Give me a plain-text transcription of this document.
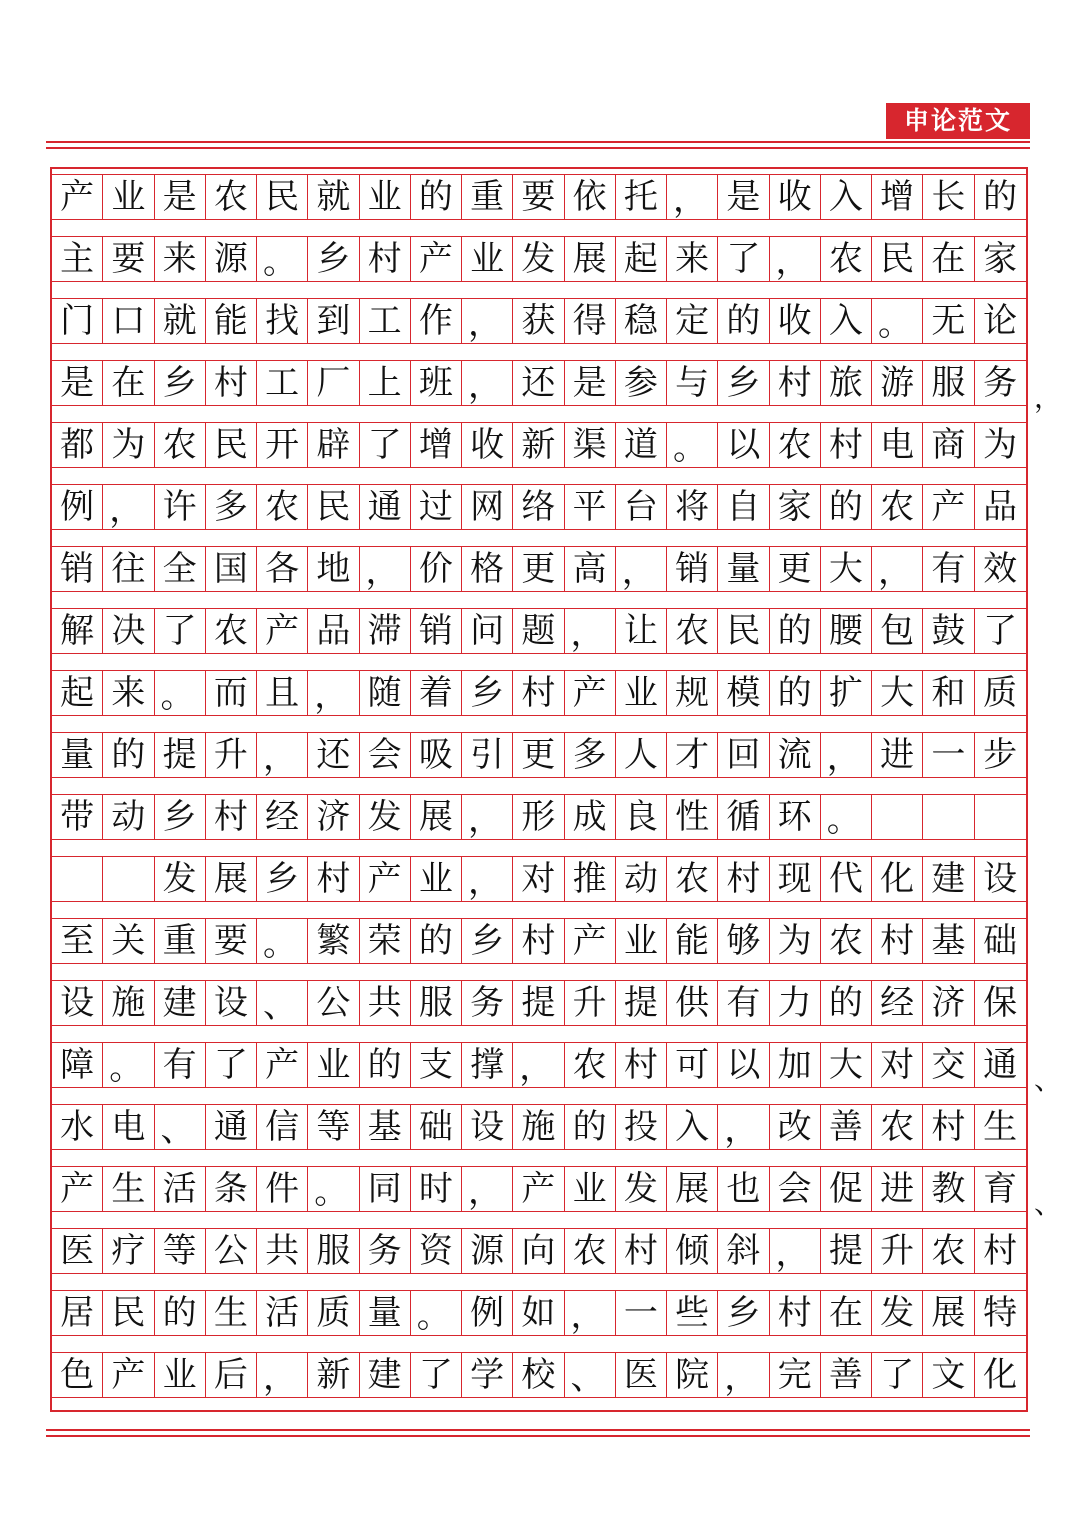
申论范文
产 业 是 农 民 就 业 的 重 要 依 托 ， 是 收 入 增 长 的
主 要 来 源 。 乡 村 产 业 发 展 起 来 了 ， 农 民 在 家
门 口 就 能 找 到 工 作 ， 获 得 稳 定 的 收 入 。 无 论
是 在 乡 村 工 厂 上 班 ， 还 是 参 与 乡 村 旅 游 服 务
都 为 农 民 开 辟 了 增 收 新 渠 道 。 以 农 村 电 商 为
例 ， 许 多 农 民 通 过 网 络 平 台 将 自 家 的 农 产 品
销 往 全 国 各 地 ， 价 格 更 高 ， 销 量 更 大 ， 有 效
解 决 了 农 产 品 滞 销 问 题 ， 让 农 民 的 腰 包 鼓 了
起 来 。 而 且 ， 随 着 乡 村 产 业 规 模 的 扩 大 和 质
量 的 提 升 ， 还 会 吸 引 更 多 人 才 回 流 ， 进 一 步
带 动 乡 村 经 济 发 展 ， 形 成 良 性 循 环 。
发 展 乡 村 产 业 ， 对 推 动 农 村 现 代 化 建 设
至 关 重 要 。 繁 荣 的 乡 村 产 业 能 够 为 农 村 基 础
设 施 建 设 、 公 共 服 务 提 升 提 供 有 力 的 经 济 保
障 。 有 了 产 业 的 支 撑 ， 农 村 可 以 加 大 对 交 通
水 电 、 通 信 等 基 础 设 施 的 投 入 ， 改 善 农 村 生
产 生 活 条 件 。 同 时 ， 产 业 发 展 也 会 促 进 教 育
医 疗 等 公 共 服 务 资 源 向 农 村 倾 斜 ， 提 升 农 村
居 民 的 生 活 质 量 。 例 如 ， 一 些 乡 村 在 发 展 特
色 产 业 后 ， 新 建 了 学 校 、 医 院 ， 完 善 了 文 化
，
、
、
